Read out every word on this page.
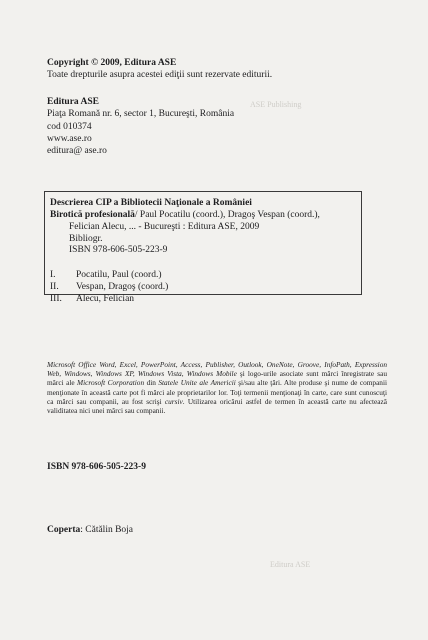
ASE Publishing
Editura ASE
Copyright © 2009, Editura ASE
Toate drepturile asupra acestei ediţii sunt rezervate editurii.
Editura ASE
Piaţa Romană nr. 6, sector 1, Bucureşti, România
cod 010374
www.ase.ro
editura@ ase.ro
Descrierea CIP a Bibliotecii Naţionale a României
Birotică profesională/ Paul Pocatilu (coord.), Dragoş Vespan (coord.),
Felician Alecu, ... - Bucureşti : Editura ASE, 2009
Bibliogr.
ISBN 978-606-505-223-9
I. Pocatilu, Paul (coord.)
II. Vespan, Dragoş (coord.)
III. Alecu, Felician
Microsoft Office Word, Excel, PowerPoint, Access, Publisher, Outlook, OneNote, Groove, InfoPath, Expression Web, Windows, Windows XP, Windows Vista, Windows Mobile şi logo-urile asociate sunt mărci înregistrate sau mărci ale Microsoft Corporation din Statele Unite ale Americii şi/sau alte ţări. Alte produse şi nume de companii menţionate în această carte pot fi mărci ale proprietarilor lor. Toţi termenii menţionaţi în carte, care sunt cunoscuţi ca mărci sau companii, au fost scrişi cursiv. Utilizarea oricărui astfel de termen în această carte nu afectează validitatea nici unei mărci sau companii.
ISBN 978-606-505-223-9
Coperta: Cătălin Boja
